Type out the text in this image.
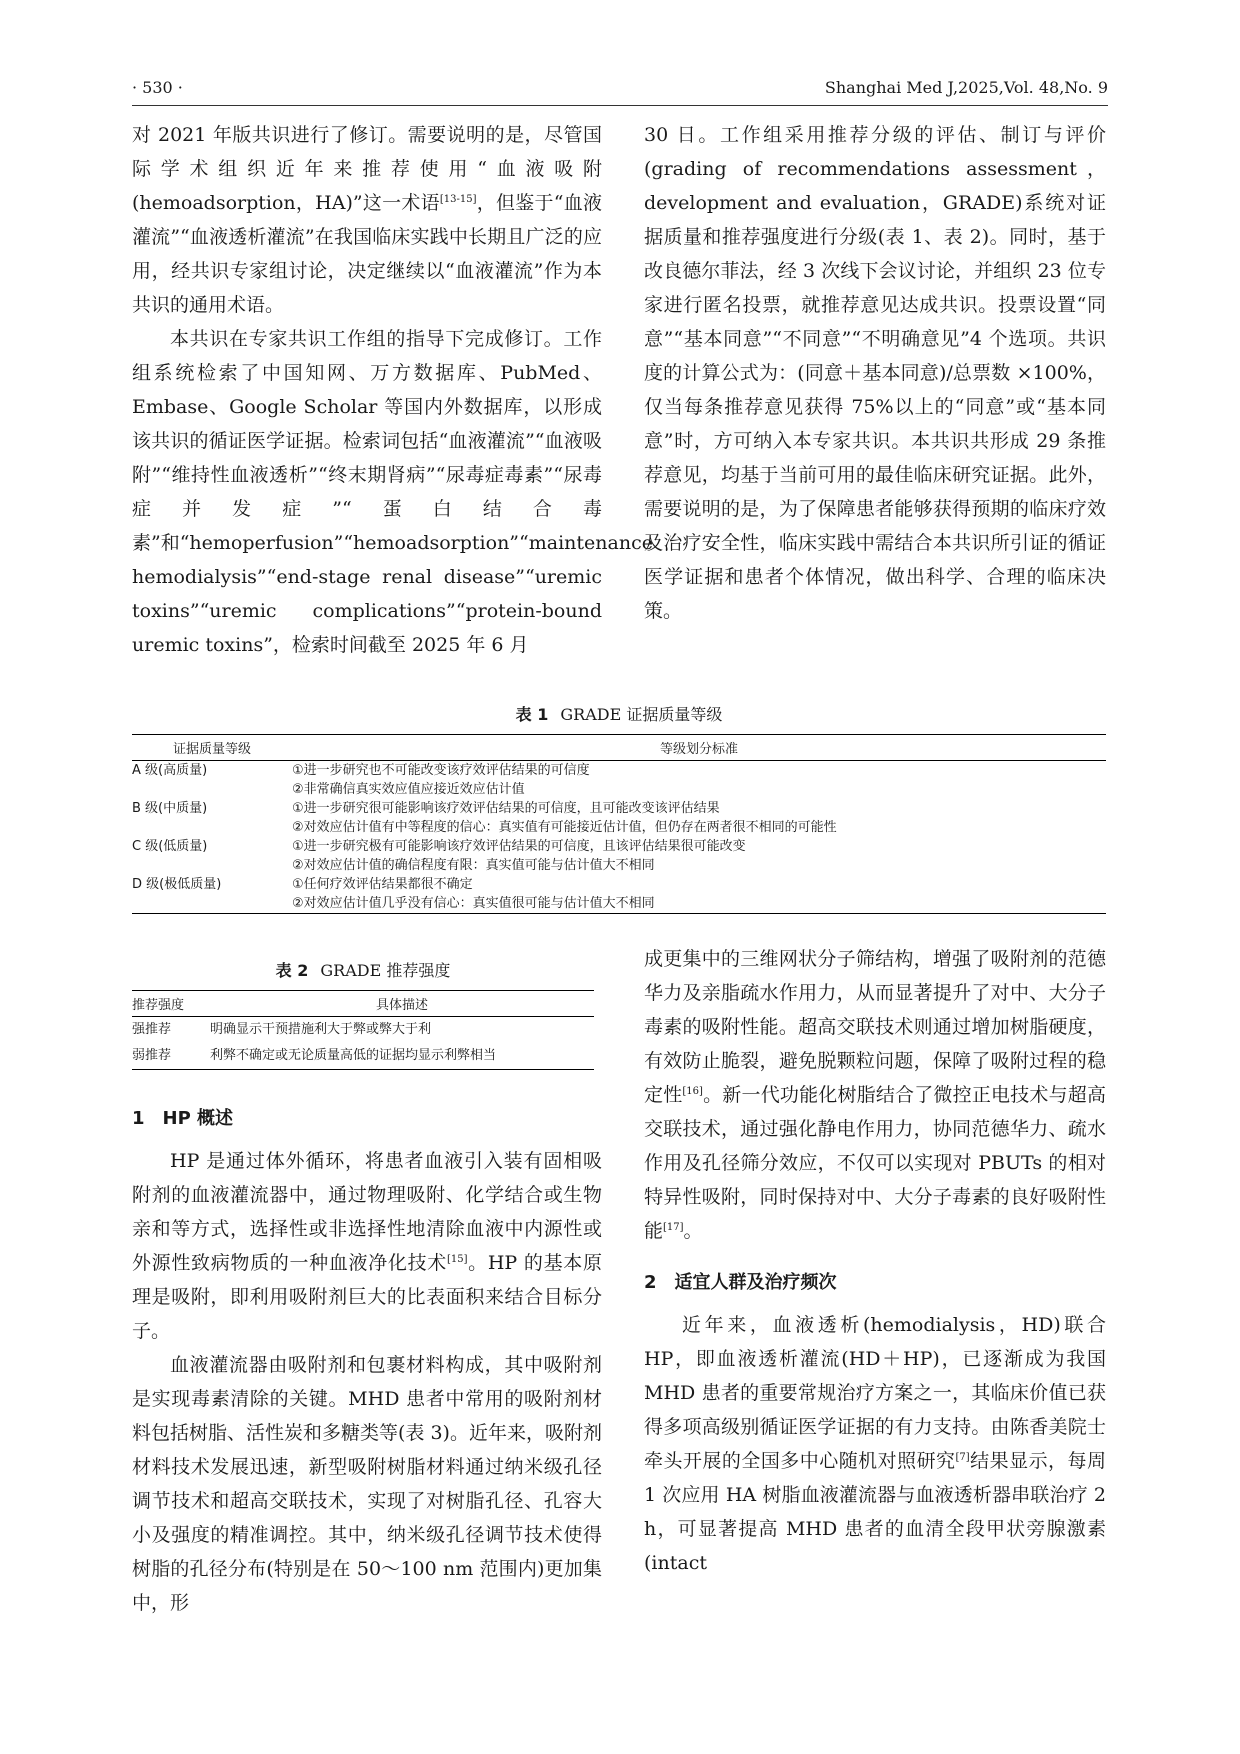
· 530 ·	Shanghai Med J,2025,Vol. 48,No. 9

对 2021 年版共识进行了修订。需要说明的是，尽管国际学术组织近年来推荐使用“血液吸附(hemoadsorption，HA)”这一术语[13-15]，但鉴于“血液灌流”“血液透析灌流”在我国临床实践中长期且广泛的应用，经共识专家组讨论，决定继续以“血液灌流”作为本共识的通用术语。

本共识在专家共识工作组的指导下完成修订。工作组系统检索了中国知网、万方数据库、PubMed、Embase、Google Scholar 等国内外数据库，以形成该共识的循证医学证据。检索词包括“血液灌流”“血液吸附”“维持性血液透析”“终末期肾病”“尿毒症毒素”“尿毒症并发症”“蛋白结合毒素”和“hemoperfusion”“hemoadsorption”“maintenance hemodialysis”“end-stage renal disease”“uremic toxins”“uremic complications”“protein-bound uremic toxins”，检索时间截至 2025 年 6 月

30 日。工作组采用推荐分级的评估、制订与评价(grading of recommendations assessment，development and evaluation，GRADE)系统对证据质量和推荐强度进行分级(表 1、表 2)。同时，基于改良德尔菲法，经 3 次线下会议讨论，并组织 23 位专家进行匿名投票，就推荐意见达成共识。投票设置“同意”“基本同意”“不同意”“不明确意见”4 个选项。共识度的计算公式为：(同意＋基本同意)/总票数 ×100%，仅当每条推荐意见获得 75%以上的“同意”或“基本同意”时，方可纳入本专家共识。本共识共形成 29 条推荐意见，均基于当前可用的最佳临床研究证据。此外，需要说明的是，为了保障患者能够获得预期的临床疗效及治疗安全性，临床实践中需结合本共识所引证的循证医学证据和患者个体情况，做出科学、合理的临床决策。

表 1 GRADE 证据质量等级
证据质量等级	等级划分标准
A 级(高质量)	①进一步研究也不可能改变该疗效评估结果的可信度
②非常确信真实效应值应接近效应估计值

B 级(中质量)	①进一步研究很可能影响该疗效评估结果的可信度，且可能改变该评估结果
②对效应估计值有中等程度的信心：真实值有可能接近估计值，但仍存在两者很不相同的可能性

C 级(低质量)	①进一步研究极有可能影响该疗效评估结果的可信度，且该评估结果很可能改变
②对效应估计值的确信程度有限：真实值可能与估计值大不相同

D 级(极低质量)	①任何疗效评估结果都很不确定
②对效应估计值几乎没有信心：真实值很可能与估计值大不相同
表 2 GRADE 推荐强度
推荐强度	具体描述
强推荐	明确显示干预措施利大于弊或弊大于利
弱推荐	利弊不确定或无论质量高低的证据均显示利弊相当
1 HP 概述

HP 是通过体外循环，将患者血液引入装有固相吸附剂的血液灌流器中，通过物理吸附、化学结合或生物亲和等方式，选择性或非选择性地清除血液中内源性或外源性致病物质的一种血液净化技术[15]。HP 的基本原理是吸附，即利用吸附剂巨大的比表面积来结合目标分子。

血液灌流器由吸附剂和包裹材料构成，其中吸附剂是实现毒素清除的关键。MHD 患者中常用的吸附剂材料包括树脂、活性炭和多糖类等(表 3)。近年来，吸附剂材料技术发展迅速，新型吸附树脂材料通过纳米级孔径调节技术和超高交联技术，实现了对树脂孔径、孔容大小及强度的精准调控。其中，纳米级孔径调节技术使得树脂的孔径分布(特别是在 50～100 nm 范围内)更加集中，形

成更集中的三维网状分子筛结构，增强了吸附剂的范德华力及亲脂疏水作用力，从而显著提升了对中、大分子毒素的吸附性能。超高交联技术则通过增加树脂硬度，有效防止脆裂，避免脱颗粒问题，保障了吸附过程的稳定性[16]。新一代功能化树脂结合了微控正电技术与超高交联技术，通过强化静电作用力，协同范德华力、疏水作用及孔径筛分效应，不仅可以实现对 PBUTs 的相对特异性吸附，同时保持对中、大分子毒素的良好吸附性能[17]。

2 适宜人群及治疗频次

近年来，血液透析(hemodialysis，HD)联合 HP，即血液透析灌流(HD＋HP)，已逐渐成为我国 MHD 患者的重要常规治疗方案之一，其临床价值已获得多项高级别循证医学证据的有力支持。由陈香美院士牵头开展的全国多中心随机对照研究[7]结果显示，每周 1 次应用 HA 树脂血液灌流器与血液透析器串联治疗 2 h，可显著提高 MHD 患者的血清全段甲状旁腺激素(intact
